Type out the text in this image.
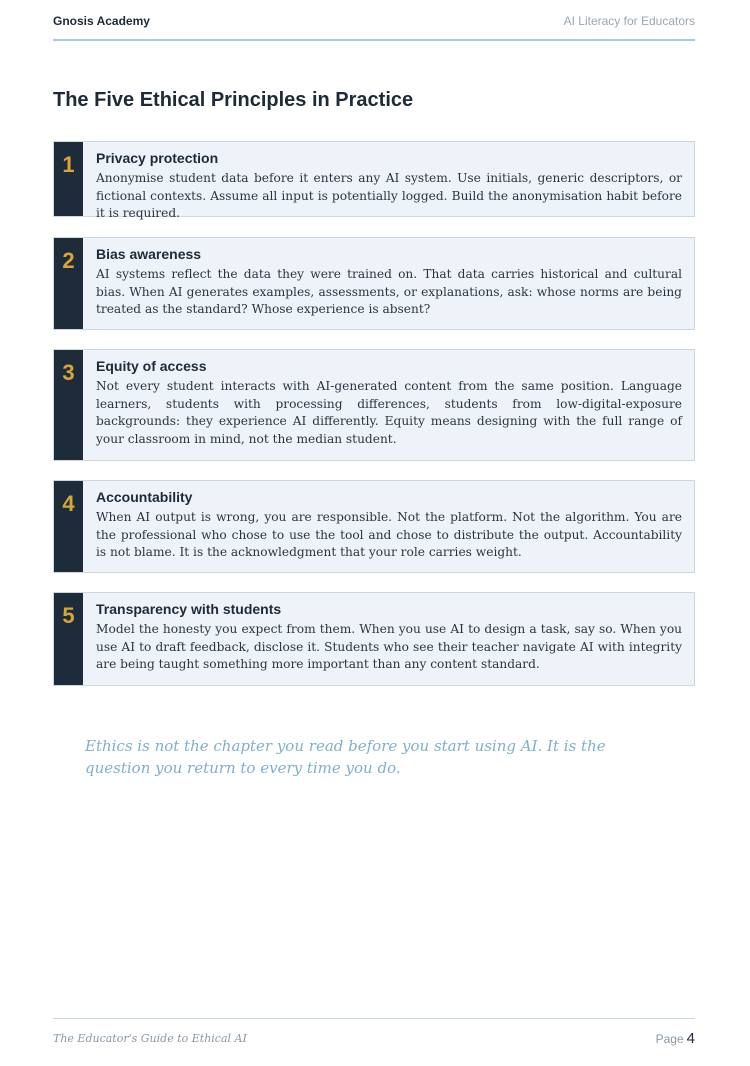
Gnosis Academy	AI Literacy for Educators
The Five Ethical Principles in Practice
1	Privacy protection
Anonymise student data before it enters any AI system. Use initials, generic descriptors, or fictional contexts. Assume all input is potentially logged. Build the anonymisation habit before it is required.
2	Bias awareness
AI systems reflect the data they were trained on. That data carries historical and cultural bias. When AI generates examples, assessments, or explanations, ask: whose norms are being treated as the standard? Whose experience is absent?
3	Equity of access
Not every student interacts with AI-generated content from the same position. Language learners, students with processing differences, students from low-digital-exposure backgrounds: they experience AI differently. Equity means designing with the full range of your classroom in mind, not the median student.
4	Accountability
When AI output is wrong, you are responsible. Not the platform. Not the algorithm. You are the professional who chose to use the tool and chose to distribute the output. Accountability is not blame. It is the acknowledgment that your role carries weight.
5	Transparency with students
Model the honesty you expect from them. When you use AI to design a task, say so. When you use AI to draft feedback, disclose it. Students who see their teacher navigate AI with integrity are being taught something more important than any content standard.
Ethics is not the chapter you read before you start using AI. It is the question you return to every time you do.
The Educator's Guide to Ethical AI	Page 4
